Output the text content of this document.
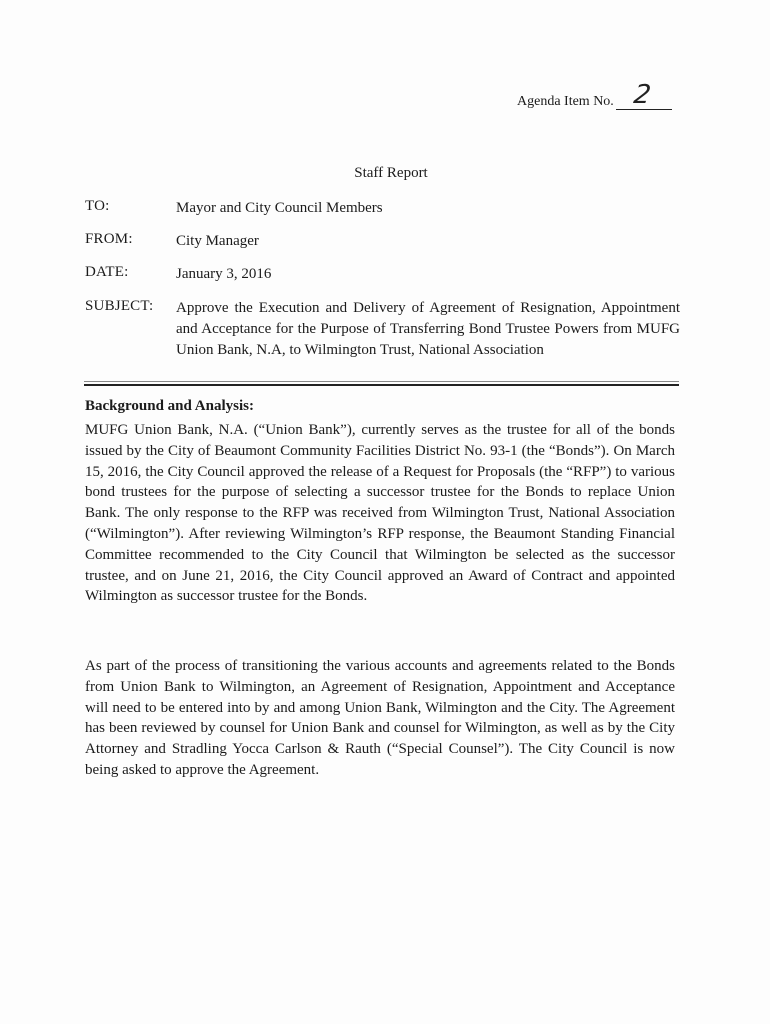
Agenda Item No. 2
Staff Report
TO:	Mayor and City Council Members
FROM:	City Manager
DATE:	January 3, 2016
SUBJECT:	Approve the Execution and Delivery of Agreement of Resignation, Appointment and Acceptance for the Purpose of Transferring Bond Trustee Powers from MUFG Union Bank, N.A, to Wilmington Trust, National Association
Background and Analysis:

MUFG Union Bank, N.A. (“Union Bank”), currently serves as the trustee for all of the bonds issued by the City of Beaumont Community Facilities District No. 93-1 (the “Bonds”). On March 15, 2016, the City Council approved the release of a Request for Proposals (the “RFP”) to various bond trustees for the purpose of selecting a successor trustee for the Bonds to replace Union Bank. The only response to the RFP was received from Wilmington Trust, National Association (“Wilmington”). After reviewing Wilmington’s RFP response, the Beaumont Standing Financial Committee recommended to the City Council that Wilmington be selected as the successor trustee, and on June 21, 2016, the City Council approved an Award of Contract and appointed Wilmington as successor trustee for the Bonds.

As part of the process of transitioning the various accounts and agreements related to the Bonds from Union Bank to Wilmington, an Agreement of Resignation, Appointment and Acceptance will need to be entered into by and among Union Bank, Wilmington and the City. The Agreement has been reviewed by counsel for Union Bank and counsel for Wilmington, as well as by the City Attorney and Stradling Yocca Carlson & Rauth (“Special Counsel”). The City Council is now being asked to approve the Agreement.
